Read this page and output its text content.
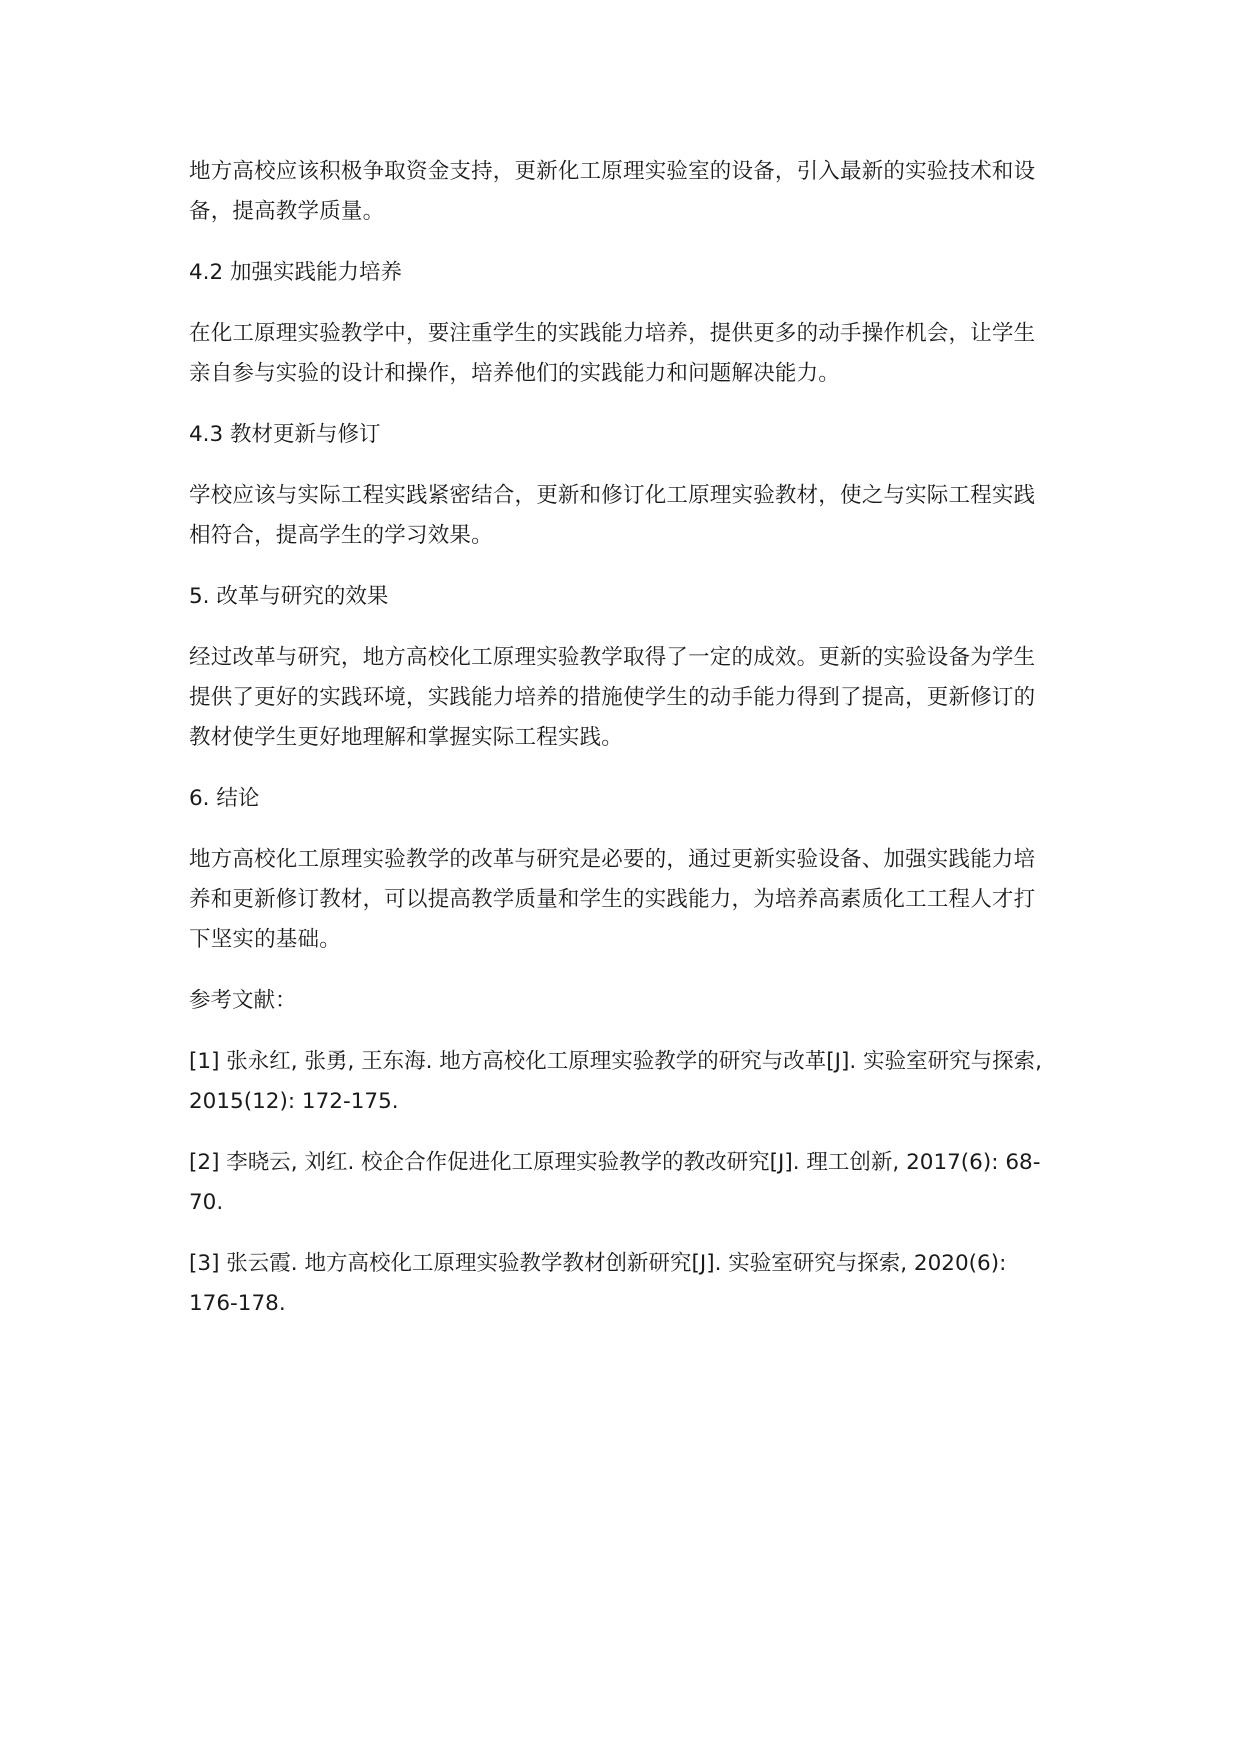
地方高校应该积极争取资金支持，更新化工原理实验室的设备，引入最新的实验技术和设备，提高教学质量。

4.2 加强实践能力培养

在化工原理实验教学中，要注重学生的实践能力培养，提供更多的动手操作机会，让学生亲自参与实验的设计和操作，培养他们的实践能力和问题解决能力。

4.3 教材更新与修订

学校应该与实际工程实践紧密结合，更新和修订化工原理实验教材，使之与实际工程实践相符合，提高学生的学习效果。

5. 改革与研究的效果

经过改革与研究，地方高校化工原理实验教学取得了一定的成效。更新的实验设备为学生提供了更好的实践环境，实践能力培养的措施使学生的动手能力得到了提高，更新修订的教材使学生更好地理解和掌握实际工程实践。

6. 结论

地方高校化工原理实验教学的改革与研究是必要的，通过更新实验设备、加强实践能力培养和更新修订教材，可以提高教学质量和学生的实践能力，为培养高素质化工工程人才打下坚实的基础。

参考文献：

[1] 张永红, 张勇, 王东海. 地方高校化工原理实验教学的研究与改革[J]. 实验室研究与探索, 2015(12): 172-175.

[2] 李晓云, 刘红. 校企合作促进化工原理实验教学的教改研究[J]. 理工创新, 2017(6): 68-70.

[3] 张云霞. 地方高校化工原理实验教学教材创新研究[J]. 实验室研究与探索, 2020(6): 176-178.
